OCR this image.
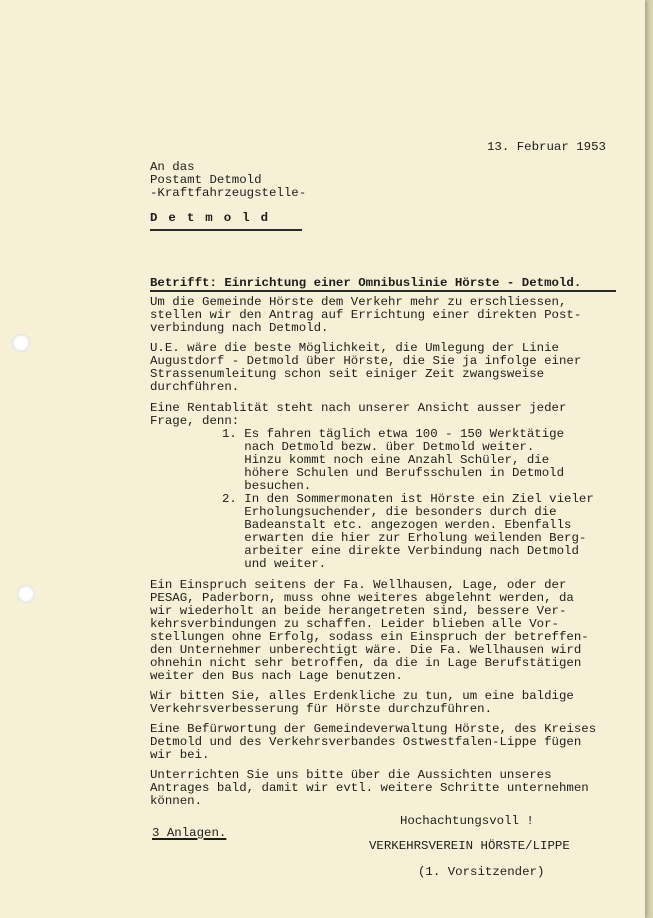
13. Februar 1953
An das
Postamt Detmold
-Kraftfahrzeugstelle-
Detmold
Betrifft: Einrichtung einer Omnibuslinie Hörste - Detmold.
Um die Gemeinde Hörste dem Verkehr mehr zu erschliessen,
stellen wir den Antrag auf Errichtung einer direkten Post-
verbindung nach Detmold.
U.E. wäre die beste Möglichkeit, die Umlegung der Linie
Augustdorf - Detmold über Hörste, die Sie ja infolge einer
Strassenumleitung schon seit einiger Zeit zwangsweise
durchführen.
Eine Rentablität steht nach unserer Ansicht ausser jeder
Frage, denn:
1. Es fahren täglich etwa 100 - 150 Werktätige
nach Detmold bezw. über Detmold weiter.
Hinzu kommt noch eine Anzahl Schüler, die
höhere Schulen und Berufsschulen in Detmold
besuchen.
2. In den Sommermonaten ist Hörste ein Ziel vieler
Erholungsuchender, die besonders durch die
Badeanstalt etc. angezogen werden. Ebenfalls
erwarten die hier zur Erholung weilenden Berg-
arbeiter eine direkte Verbindung nach Detmold
und weiter.
Ein Einspruch seitens der Fa. Wellhausen, Lage, oder der
PESAG, Paderborn, muss ohne weiteres abgelehnt werden, da
wir wiederholt an beide herangetreten sind, bessere Ver-
kehrsverbindungen zu schaffen. Leider blieben alle Vor-
stellungen ohne Erfolg, sodass ein Einspruch der betreffen-
den Unternehmer unberechtigt wäre. Die Fa. Wellhausen wird
ohnehin nicht sehr betroffen, da die in Lage Berufstätigen
weiter den Bus nach Lage benutzen.
Wir bitten Sie, alles Erdenkliche zu tun, um eine baldige
Verkehrsverbesserung für Hörste durchzuführen.
Eine Befürwortung der Gemeindeverwaltung Hörste, des Kreises
Detmold und des Verkehrsverbandes Ostwestfalen-Lippe fügen
wir bei.
Unterrichten Sie uns bitte über die Aussichten unseres
Antrages bald, damit wir evtl. weitere Schritte unternehmen
können.
Hochachtungsvoll !
3 Anlagen.
VERKEHRSVEREIN HÖRSTE/LIPPE
(1. Vorsitzender)
